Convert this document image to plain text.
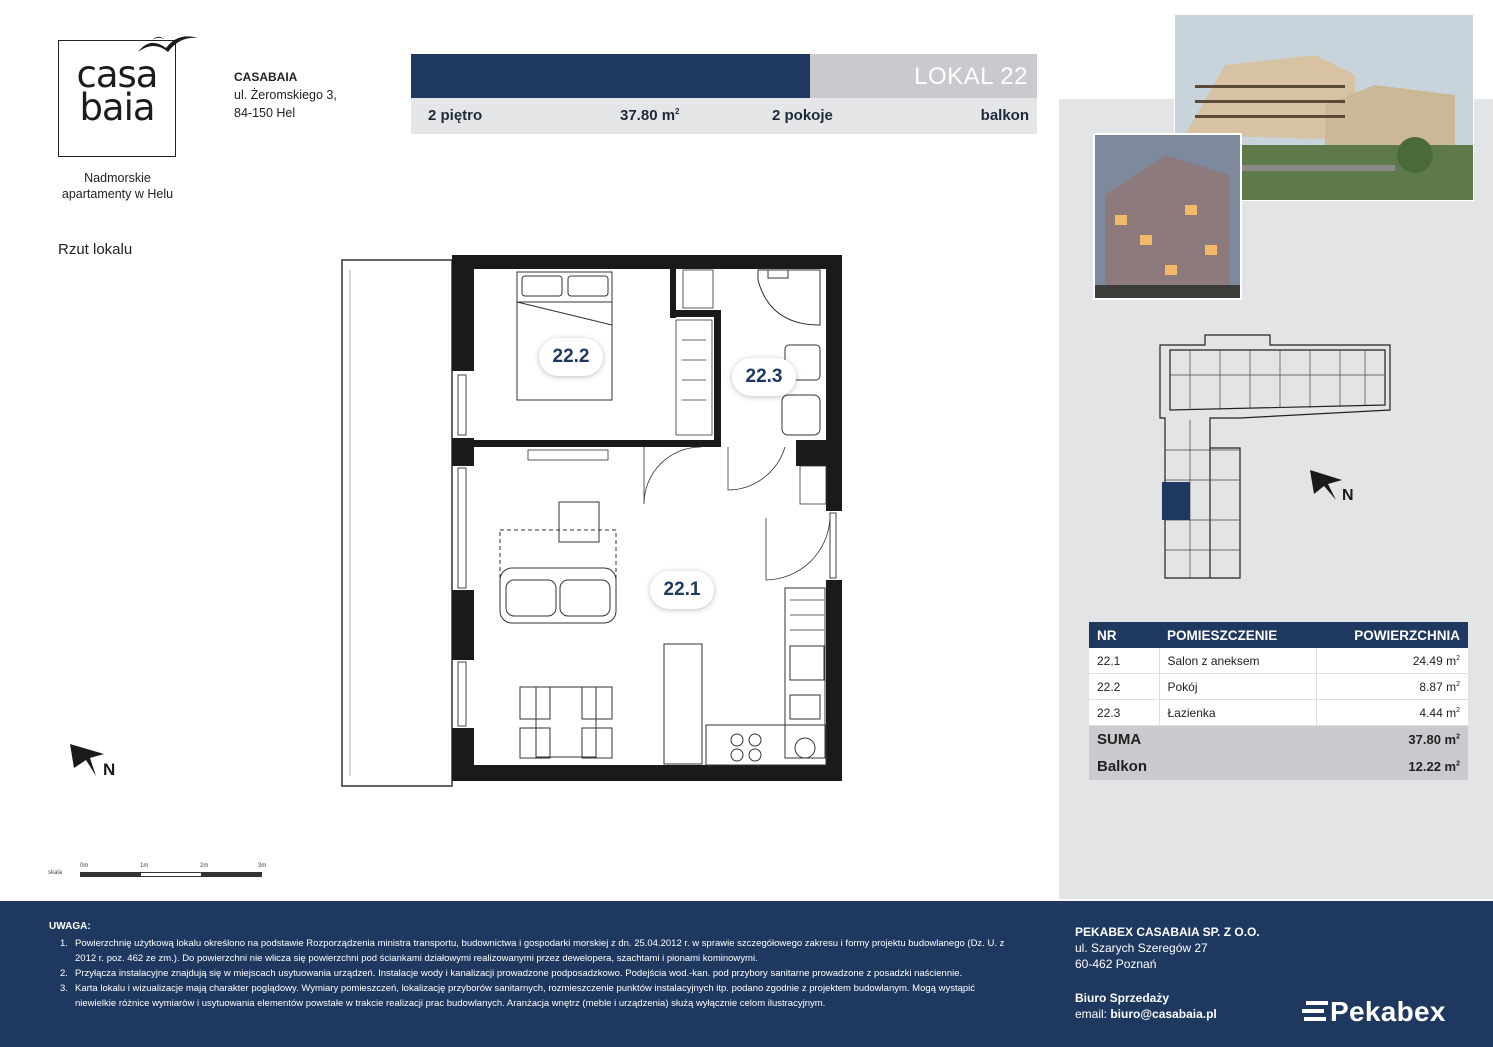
casa
baia
Nadmorskie
apartamenty w Helu
CASABAIA
ul. Żeromskiego 3,
84-150 Hel
LOKAL 22
2 piętro	37.80 $m^2$	2 pokoje	balkon
Rzut lokalu
22.2
22.3
22.1
N
skala
0m	1m	2m	3m
N
NR	POMIESZCZENIE	POWIERZCHNIA
22.1	Salon z aneksem	24.49 $m^2$
22.2	Pokój	8.87 $m^2$
22.3	Łazienka	4.44 $m^2$
SUMA		37.80 $m^2$
Balkon		12.22 $m^2$
UWAGA:
1. Powierzchnię użytkową lokalu określono na podstawie Rozporządzenia ministra transportu, budownictwa i gospodarki morskiej z dn. 25.04.2012 r. w sprawie szczegółowego zakresu i formy projektu budowlanego (Dz. U. z 2012 r. poz. 462 ze zm.). Do powierzchni nie wlicza się powierzchni pod ściankami działowymi realizowanymi przez dewelopera, szachtami i pionami kominowymi.
2. Przyłącza instalacyjne znajdują się w miejscach usytuowania urządzeń. Instalacje wody i kanalizacji prowadzone podposadzkowo. Podejścia wod.-kan. pod przybory sanitarne prowadzone z posadzki naściennie.
3. Karta lokalu i wizualizacje mają charakter poglądowy. Wymiary pomieszczeń, lokalizację przyborów sanitarnych, rozmieszczenie punktów instalacyjnych itp. podano zgodnie z projektem budowlanym. Mogą wystąpić niewielkie różnice wymiarów i usytuowania elementów powstałe w trakcie realizacji prac budowlanych. Aranżacja wnętrz (meble i urządzenia) służą wyłącznie celom ilustracyjnym.
PEKABEX CASABAIA SP. Z O.O.
ul. Szarych Szeregów 27
60-462 Poznań
Biuro Sprzedaży
email: biuro@casabaia.pl	Pekabex
